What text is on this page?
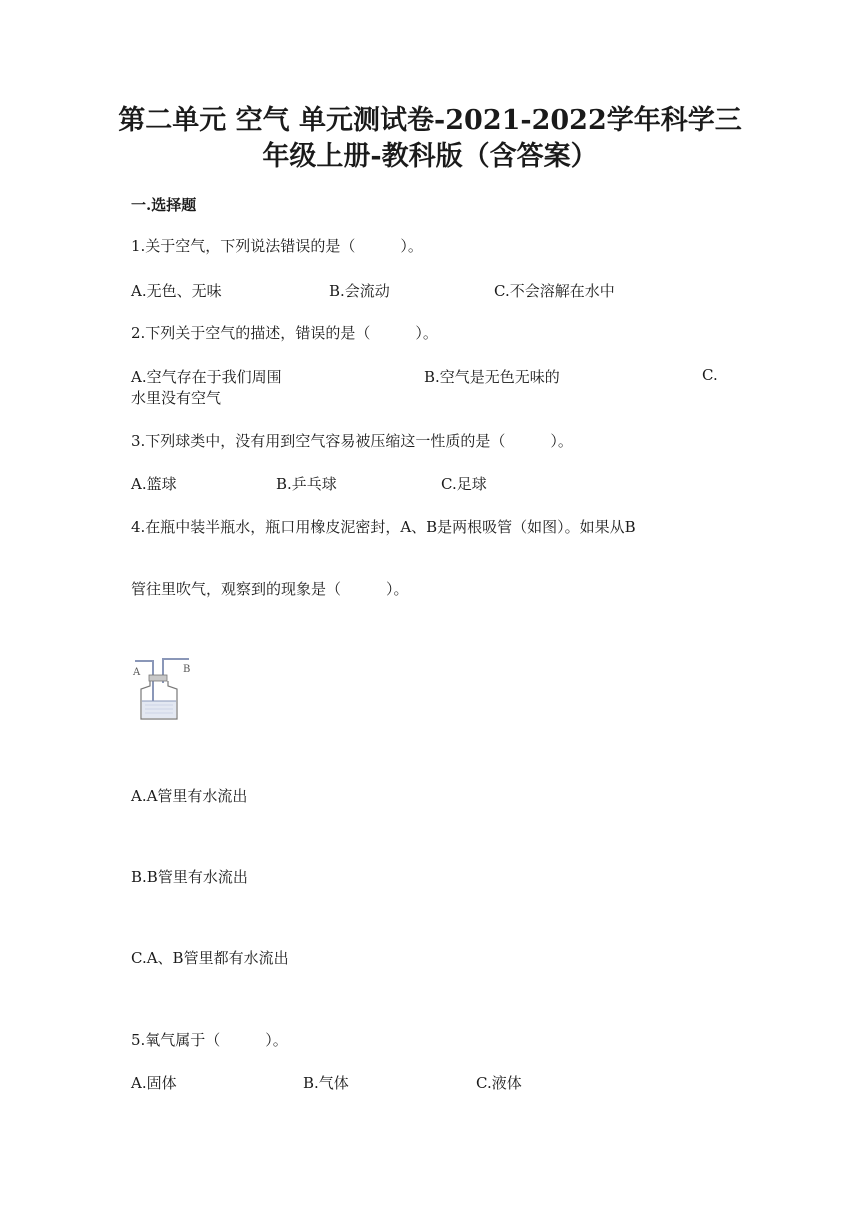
第二单元 空气 单元测试卷-2021-2022学年科学三
年级上册-教科版（含答案）
一.选择题
1.关于空气，下列说法错误的是（　　　）。
A.无色、无味	B.会流动	C.不会溶解在水中
2.下列关于空气的描述，错误的是（　　　）。
A.空气存在于我们周围	B.空气是无色无味的	C.
水里没有空气
3.下列球类中，没有用到空气容易被压缩这一性质的是（　　　）。
A.篮球	B.乒乓球	C.足球
4.在瓶中装半瓶水，瓶口用橡皮泥密封，A、B是两根吸管（如图）。如果从B
管往里吹气，观察到的现象是（　　　）。
A	B
A.A管里有水流出
B.B管里有水流出
C.A、B管里都有水流出
5.氧气属于（　　　）。
A.固体	B.气体	C.液体
